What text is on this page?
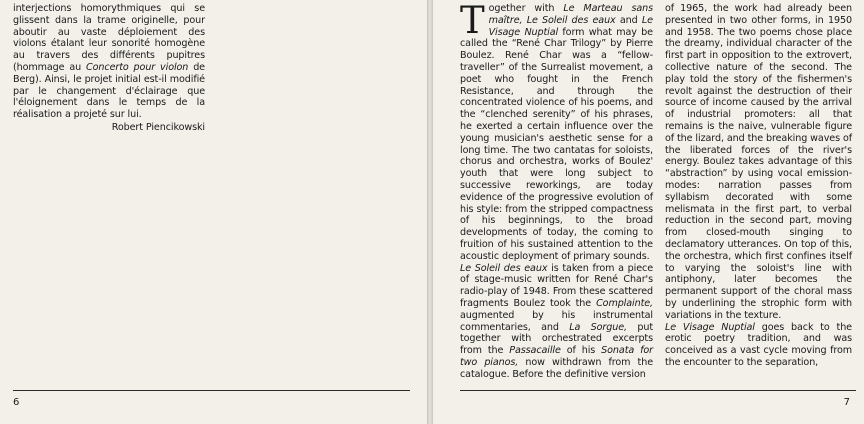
interjections homorythmiques qui se glissent dans la trame originelle, pour aboutir au vaste déploiement des violons étalant leur sonorité homogène au travers des différents pupitres (hommage au Concerto pour violon de Berg). Ainsi, le projet initial est-il modifié par le changement d'éclairage que l'éloignement dans le temps de la réalisation a projeté sur lui.

Robert Piencikowski

6

Together with Le Marteau sans maître, Le Soleil des eaux and Le Visage Nuptial form what may be called the “René Char Trilogy” by Pierre Boulez. René Char was a “fellow-traveller” of the Surrealist movement, a poet who fought in the French Resistance, and through the concentrated violence of his poems, and the “clenched serenity” of his phrases, he exerted a certain influence over the young musician's aesthetic sense for a long time. The two cantatas for soloists, chorus and orchestra, works of Boulez' youth that were long subject to successive reworkings, are today evidence of the progressive evolution of his style: from the stripped compactness of his beginnings, to the broad developments of today, the coming to fruition of his sustained attention to the acoustic deployment of primary sounds.

Le Soleil des eaux is taken from a piece of stage-music written for René Char's radio-play of 1948. From these scattered fragments Boulez took the Complainte, augmented by his instrumental commentaries, and La Sorgue, put together with orchestrated excerpts from the Passacaille of his Sonata for two pianos, now withdrawn from the catalogue. Before the definitive version

of 1965, the work had already been presented in two other forms, in 1950 and 1958. The two poems chose place the dreamy, individual character of the first part in opposition to the extrovert, collective nature of the second. The play told the story of the fishermen's revolt against the destruction of their source of income caused by the arrival of industrial promoters: all that remains is the naive, vulnerable figure of the lizard, and the breaking waves of the liberated forces of the river's energy. Boulez takes advantage of this “abstraction” by using vocal emission-modes: narration passes from syllabism decorated with some melismata in the first part, to verbal reduction in the second part, moving from closed-mouth singing to declamatory utterances. On top of this, the orchestra, which first confines itself to varying the soloist's line with antiphony, later becomes the permanent support of the choral mass by underlining the strophic form with variations in the texture.

Le Visage Nuptial goes back to the erotic poetry tradition, and was conceived as a vast cycle moving from the encounter to the separation,

7
